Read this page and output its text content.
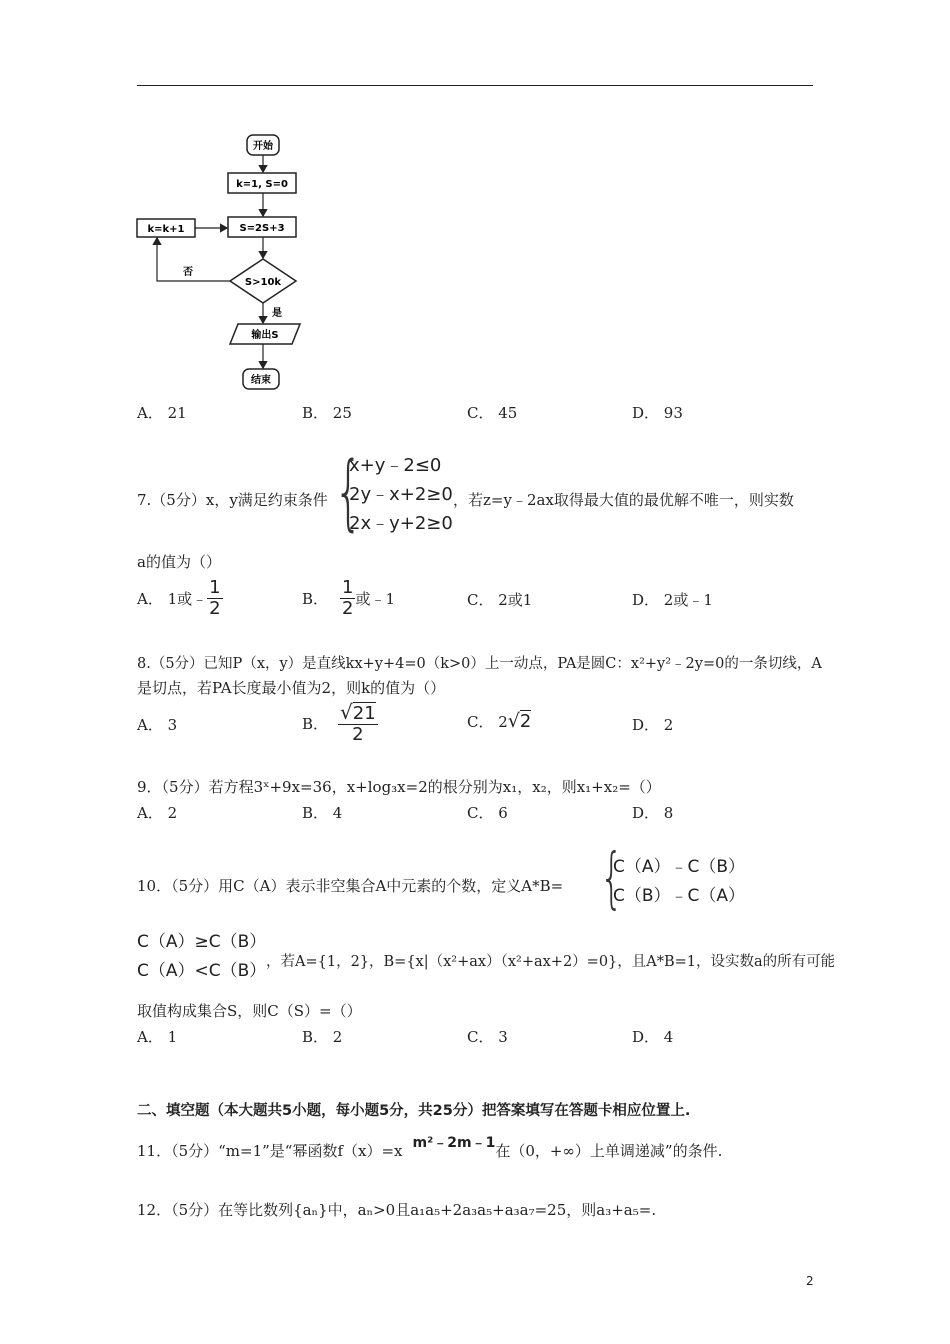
开始
k=1, S=0
S=2S+3
k=k+1
S>10k
否
是
输出S
结束
A． 21	B． 25	C． 45	D． 93
7.（5分）x，y满足约束条件 {
x+y﹣2≤0
2y﹣x+2≥0
2x﹣y+2≥0
，若z=y﹣2ax取得最大值的最优解不唯一，则实数
a的值为（）
A． 1或﹣ $\frac{1}{2}$	B． $\frac{1}{2}$ 或﹣1	C． 2或1	D． 2或﹣1
8.（5分）已知P（x，y）是直线kx+y+4=0（k>0）上一动点，PA是圆C：x²+y²﹣2y=0的一条切线，A
是切点，若PA长度最小值为2，则k的值为（）
A． 3	B． $\frac{√21}{2}$	C． 2√2	D． 2
9．（5分）若方程3ˣ+9x=36，x+log₃x=2的根分别为x₁，x₂，则x₁+x₂=（）
A． 2	B． 4	C． 6	D． 8
10．（5分）用C（A）表示非空集合A中元素的个数，定义A*B= {
C（A）﹣C（B）
C（B）﹣C（A）
C（A）≥C（B）
C（A）<C（B） ，若A={1，2}，B={x|（x²+ax）（x²+ax+2）=0}，且A*B=1，设实数a的所有可能
取值构成集合S，则C（S）=（）
A． 1	B． 2	C． 3	D． 4
二、填空题（本大题共5小题，每小题5分，共25分）把答案填写在答题卡相应位置上.
11．（5分）“m=1”是“幂函数f（x）=x m²﹣2m﹣1在（0，+∞）上单调递减”的条件.
12．（5分）在等比数列{aₙ}中，aₙ>0且a₁a₅+2a₃a₅+a₃a₇=25，则a₃+a₅=.
2
